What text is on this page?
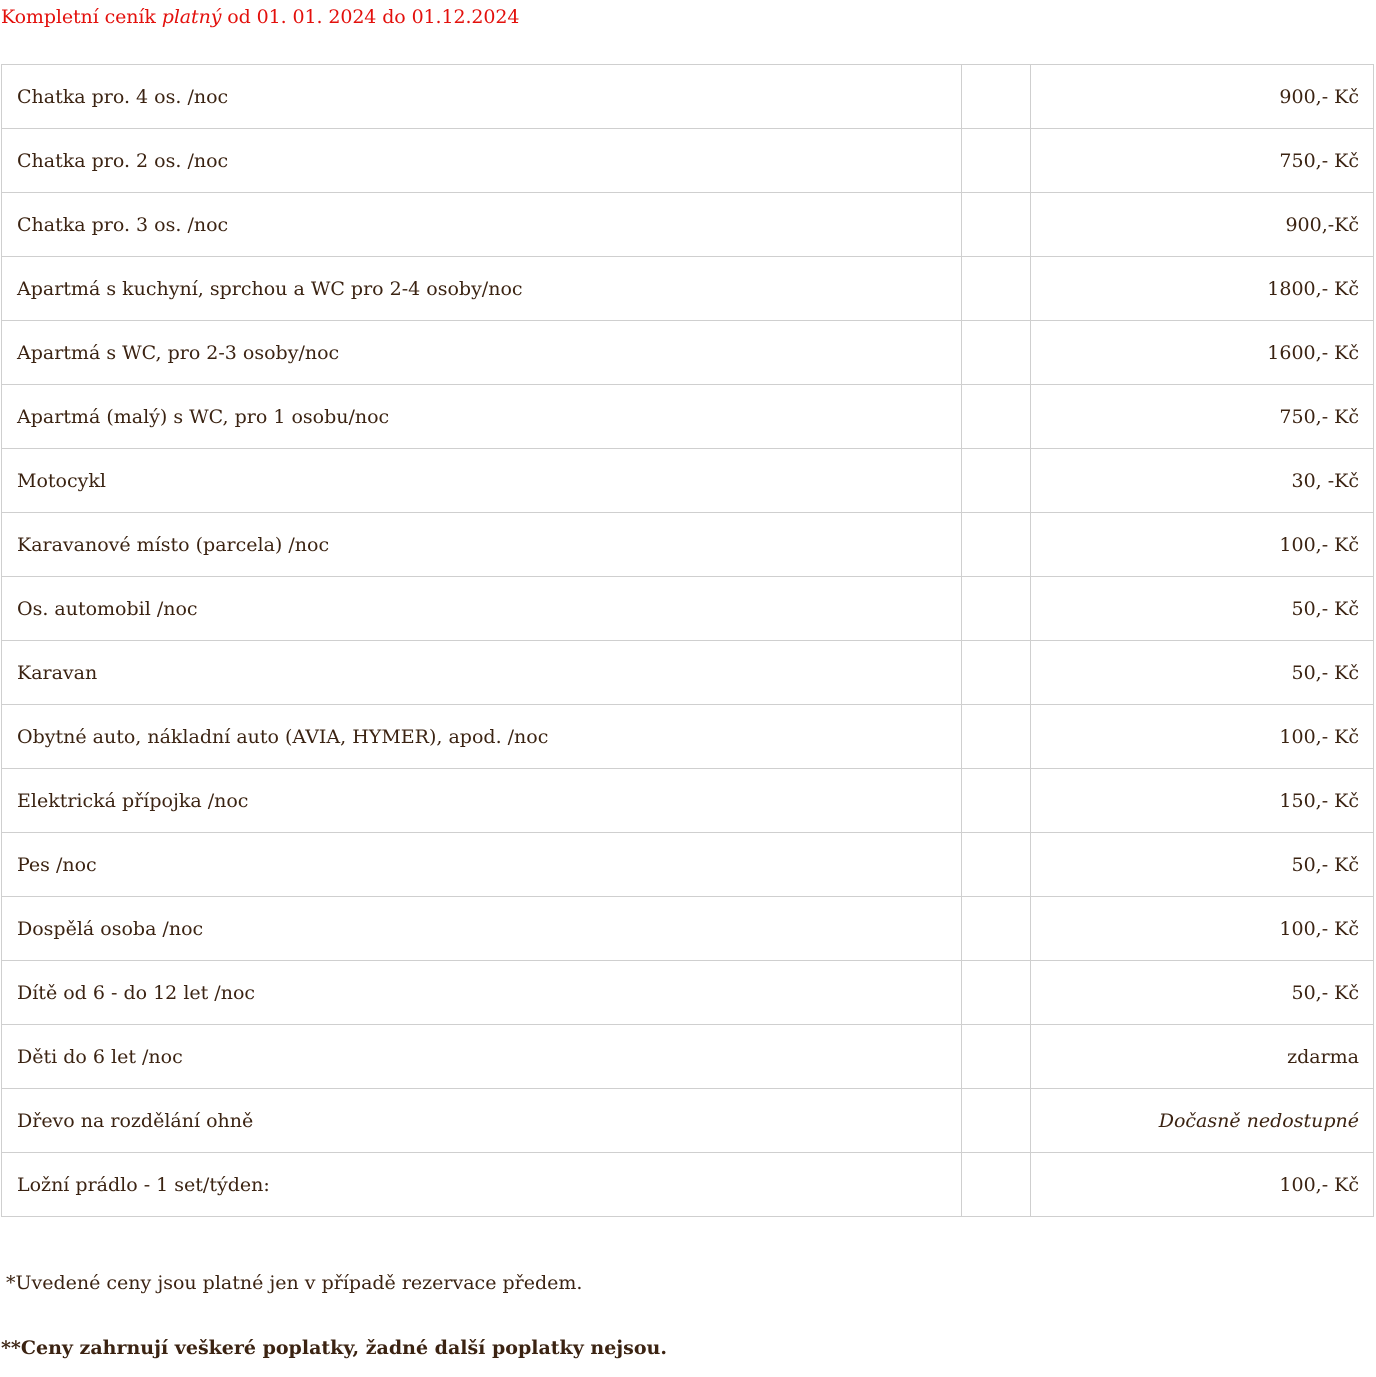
Kompletní ceník platný od 01. 01. 2024 do 01.12.2024
Chatka pro. 4 os. /noc		900,- Kč
Chatka pro. 2 os. /noc		750,- Kč
Chatka pro. 3 os. /noc		900,-Kč
Apartmá s kuchyní, sprchou a WC pro 2-4 osoby/noc		1800,- Kč
Apartmá s WC, pro 2-3 osoby/noc		1600,- Kč
Apartmá (malý) s WC, pro 1 osobu/noc		750,- Kč
Motocykl		30, -Kč
Karavanové místo (parcela) /noc		100,- Kč
Os. automobil /noc		50,- Kč
Karavan		50,- Kč
Obytné auto, nákladní auto (AVIA, HYMER), apod. /noc		100,- Kč
Elektrická přípojka /noc		150,- Kč
Pes /noc		50,- Kč
Dospělá osoba /noc		100,- Kč
Dítě od 6 - do 12 let /noc		50,- Kč
Děti do 6 let /noc		zdarma
Dřevo na rozdělání ohně		Dočasně nedostupné
Ložní prádlo - 1 set/týden:		100,- Kč
*Uvedené ceny jsou platné jen v případě rezervace předem.
**Ceny zahrnují veškeré poplatky, žadné další poplatky nejsou.
